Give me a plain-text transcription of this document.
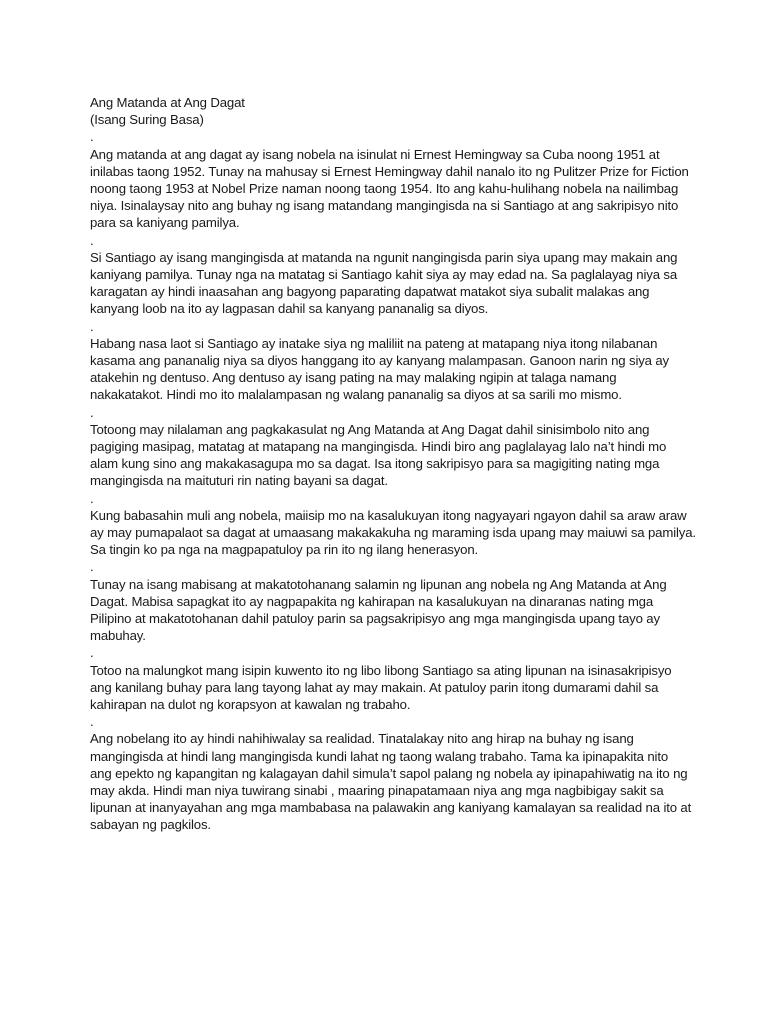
Ang Matanda at Ang Dagat
(Isang Suring Basa)
.
Ang matanda at ang dagat ay isang nobela na isinulat ni Ernest Hemingway sa Cuba noong 1951 at
inilabas taong 1952. Tunay na mahusay si Ernest Hemingway dahil nanalo ito ng Pulitzer Prize for Fiction
noong taong 1953 at Nobel Prize naman noong taong 1954. Ito ang kahu-hulihang nobela na nailimbag
niya. Isinalaysay nito ang buhay ng isang matandang mangingisda na si Santiago at ang sakripisyo nito
para sa kaniyang pamilya.
.
Si Santiago ay isang mangingisda at matanda na ngunit nangingisda parin siya upang may makain ang
kaniyang pamilya. Tunay nga na matatag si Santiago kahit siya ay may edad na. Sa paglalayag niya sa
karagatan ay hindi inaasahan ang bagyong paparating dapatwat matakot siya subalit malakas ang
kanyang loob na ito ay lagpasan dahil sa kanyang pananalig sa diyos.
.
Habang nasa laot si Santiago ay inatake siya ng maliliit na pateng at matapang niya itong nilabanan
kasama ang pananalig niya sa diyos hanggang ito ay kanyang malampasan. Ganoon narin ng siya ay
atakehin ng dentuso. Ang dentuso ay isang pating na may malaking ngipin at talaga namang
nakakatakot. Hindi mo ito malalampasan ng walang pananalig sa diyos at sa sarili mo mismo.
.
Totoong may nilalaman ang pagkakasulat ng Ang Matanda at Ang Dagat dahil sinisimbolo nito ang
pagiging masipag, matatag at matapang na mangingisda. Hindi biro ang paglalayag lalo na’t hindi mo
alam kung sino ang makakasagupa mo sa dagat. Isa itong sakripisyo para sa magigiting nating mga
mangingisda na maituturi rin nating bayani sa dagat.
.
Kung babasahin muli ang nobela, maiisip mo na kasalukuyan itong nagyayari ngayon dahil sa araw araw
ay may pumapalaot sa dagat at umaasang makakakuha ng maraming isda upang may maiuwi sa pamilya.
Sa tingin ko pa nga na magpapatuloy pa rin ito ng ilang henerasyon.
.
Tunay na isang mabisang at makatotohanang salamin ng lipunan ang nobela ng Ang Matanda at Ang
Dagat. Mabisa sapagkat ito ay nagpapakita ng kahirapan na kasalukuyan na dinaranas nating mga
Pilipino at makatotohanan dahil patuloy parin sa pagsakripisyo ang mga mangingisda upang tayo ay
mabuhay.
.
Totoo na malungkot mang isipin kuwento ito ng libo libong Santiago sa ating lipunan na isinasakripisyo
ang kanilang buhay para lang tayong lahat ay may makain. At patuloy parin itong dumarami dahil sa
kahirapan na dulot ng korapsyon at kawalan ng trabaho.
.
Ang nobelang ito ay hindi nahihiwalay sa realidad. Tinatalakay nito ang hirap na buhay ng isang
mangingisda at hindi lang mangingisda kundi lahat ng taong walang trabaho. Tama ka ipinapakita nito
ang epekto ng kapangitan ng kalagayan dahil simula’t sapol palang ng nobela ay ipinapahiwatig na ito ng
may akda. Hindi man niya tuwirang sinabi , maaring pinapatamaan niya ang mga nagbibigay sakit sa
lipunan at inanyayahan ang mga mambabasa na palawakin ang kaniyang kamalayan sa realidad na ito at
sabayan ng pagkilos.
